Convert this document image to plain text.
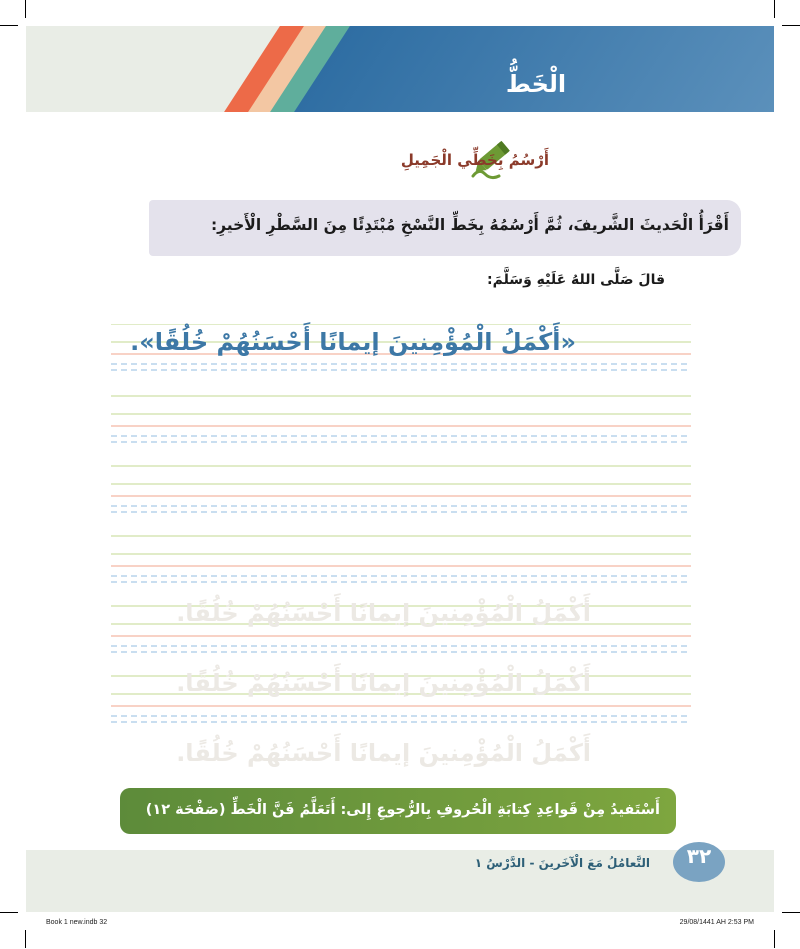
الْخَطُّ
أَرْسُمُ بِخَطِّي الْجَمِيلِ
أَقْرَأُ الْحَديثَ الشَّريفَ، ثُمَّ أَرْسُمُهُ بِخَطِّ النَّسْخِ مُبْتَدِئًا مِنَ السَّطْرِ الْأَخيرِ:
قالَ صَلَّى اللهُ عَلَيْهِ وَسَلَّمَ:
«أَكْمَلُ الْمُؤْمِنينَ إيمانًا أَحْسَنُهُمْ خُلُقًا».
أَكْمَلُ الْمُؤْمِنينَ إيمانًا أَحْسَنُهُمْ خُلُقًا.
أَكْمَلُ الْمُؤْمِنينَ إيمانًا أَحْسَنُهُمْ خُلُقًا.
أَكْمَلُ الْمُؤْمِنينَ إيمانًا أَحْسَنُهُمْ خُلُقًا.
أَسْتَفيدُ مِنْ قَواعِدِ كِتابَةِ الْحُروفِ بِالرُّجوعِ إِلى: أَتَعَلَّمُ فَنَّ الْخَطِّ (صَفْحَة ١٢)
التَّعامُلُ مَعَ الْآخَرينَ - الدَّرْسُ ١	٣٢
Book 1 new.indb 32	29/08/1441 AH 2:53 PM
